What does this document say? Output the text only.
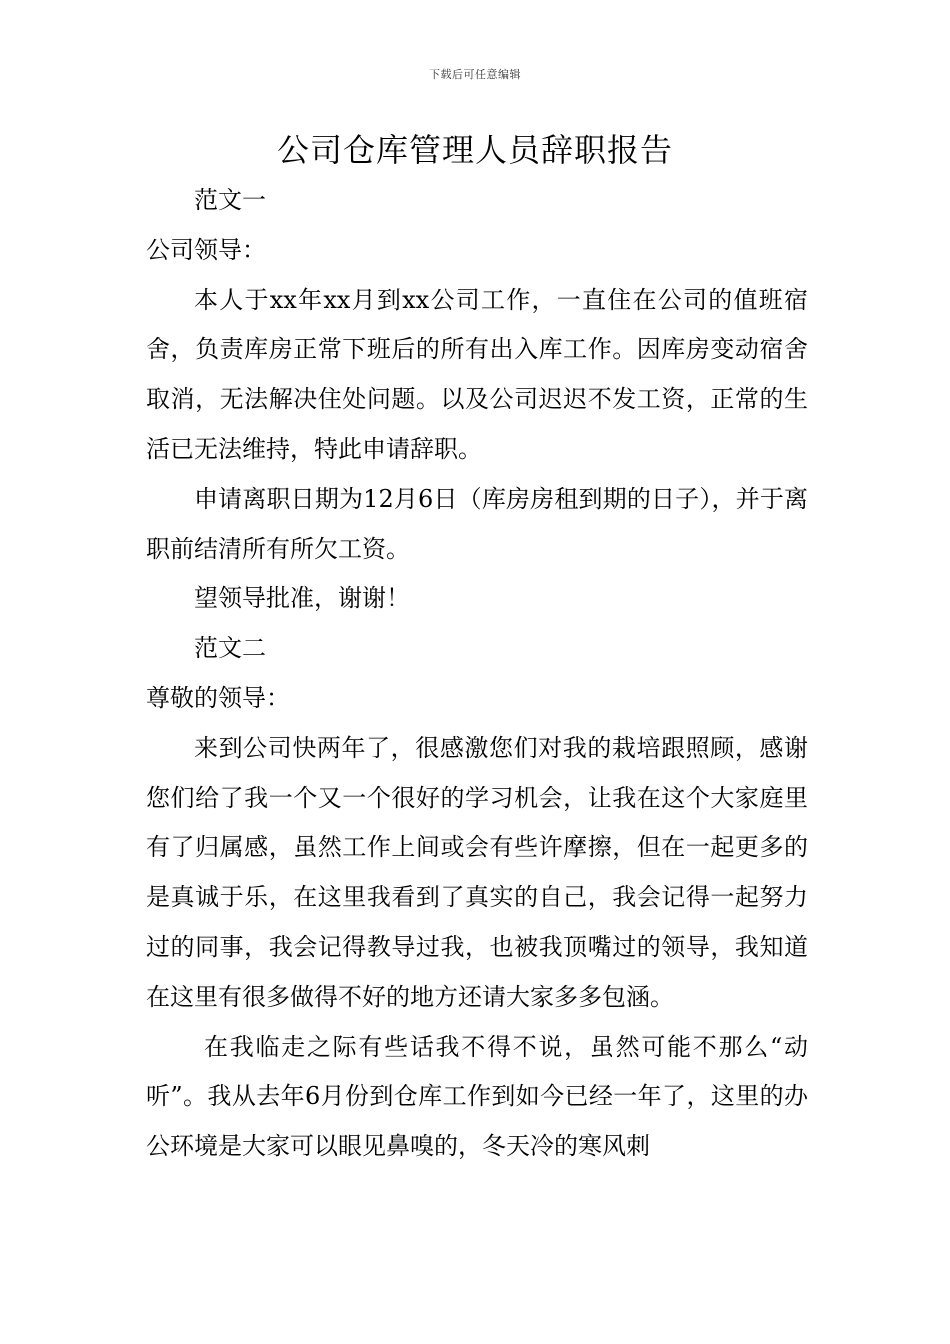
下载后可任意编辑
公司仓库管理人员辞职报告

范文一

公司领导：

本人于xx年xx月到xx公司工作，一直住在公司的值班宿舍，负责库房正常下班后的所有出入库工作。因库房变动宿舍取消，无法解决住处问题。以及公司迟迟不发工资，正常的生活已无法维持，特此申请辞职。

申请离职日期为12月6日（库房房租到期的日子），并于离职前结清所有所欠工资。

望领导批准，谢谢！

范文二

尊敬的领导：

来到公司快两年了，很感激您们对我的栽培跟照顾，感谢您们给了我一个又一个很好的学习机会，让我在这个大家庭里有了归属感，虽然工作上间或会有些许摩擦，但在一起更多的是真诚于乐，在这里我看到了真实的自己，我会记得一起努力过的同事，我会记得教导过我，也被我顶嘴过的领导，我知道在这里有很多做得不好的地方还请大家多多包涵。

在我临走之际有些话我不得不说，虽然可能不那么“动听”。我从去年6月份到仓库工作到如今已经一年了，这里的办公环境是大家可以眼见鼻嗅的，冬天冷的寒风刺
